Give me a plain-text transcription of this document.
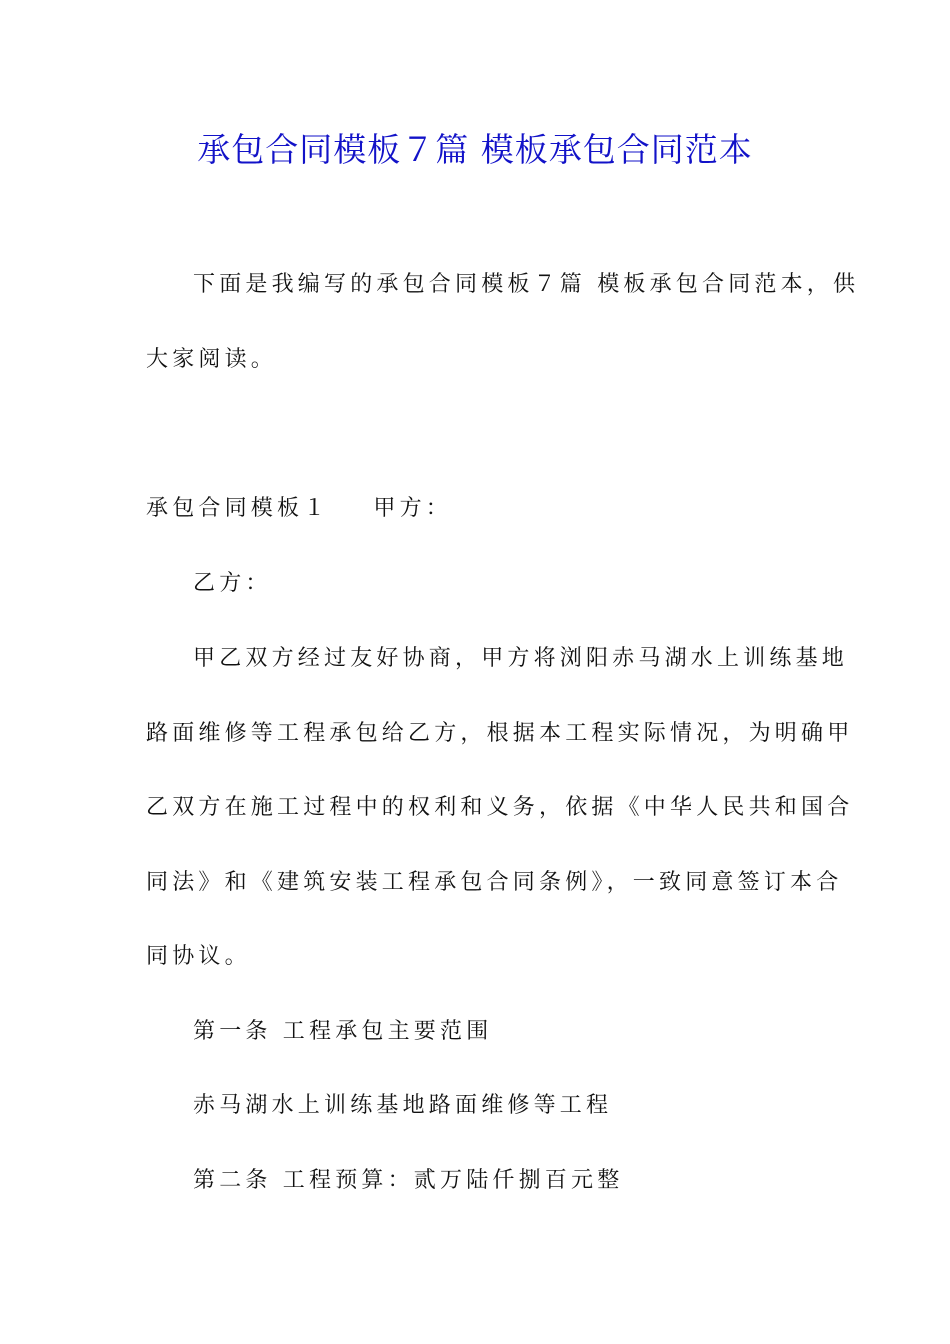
承包合同模板７篇 模板承包合同范本
下面是我编写的承包合同模板７篇 模板承包合同范本，供
大家阅读。
承包合同模板１ 甲方：
乙方：
甲乙双方经过友好协商，甲方将浏阳赤马湖水上训练基地
路面维修等工程承包给乙方，根据本工程实际情况，为明确甲
乙双方在施工过程中的权利和义务，依据《中华人民共和国合
同法》和《建筑安装工程承包合同条例》，一致同意签订本合
同协议。
第一条 工程承包主要范围
赤马湖水上训练基地路面维修等工程
第二条 工程预算：贰万陆仟捌百元整
